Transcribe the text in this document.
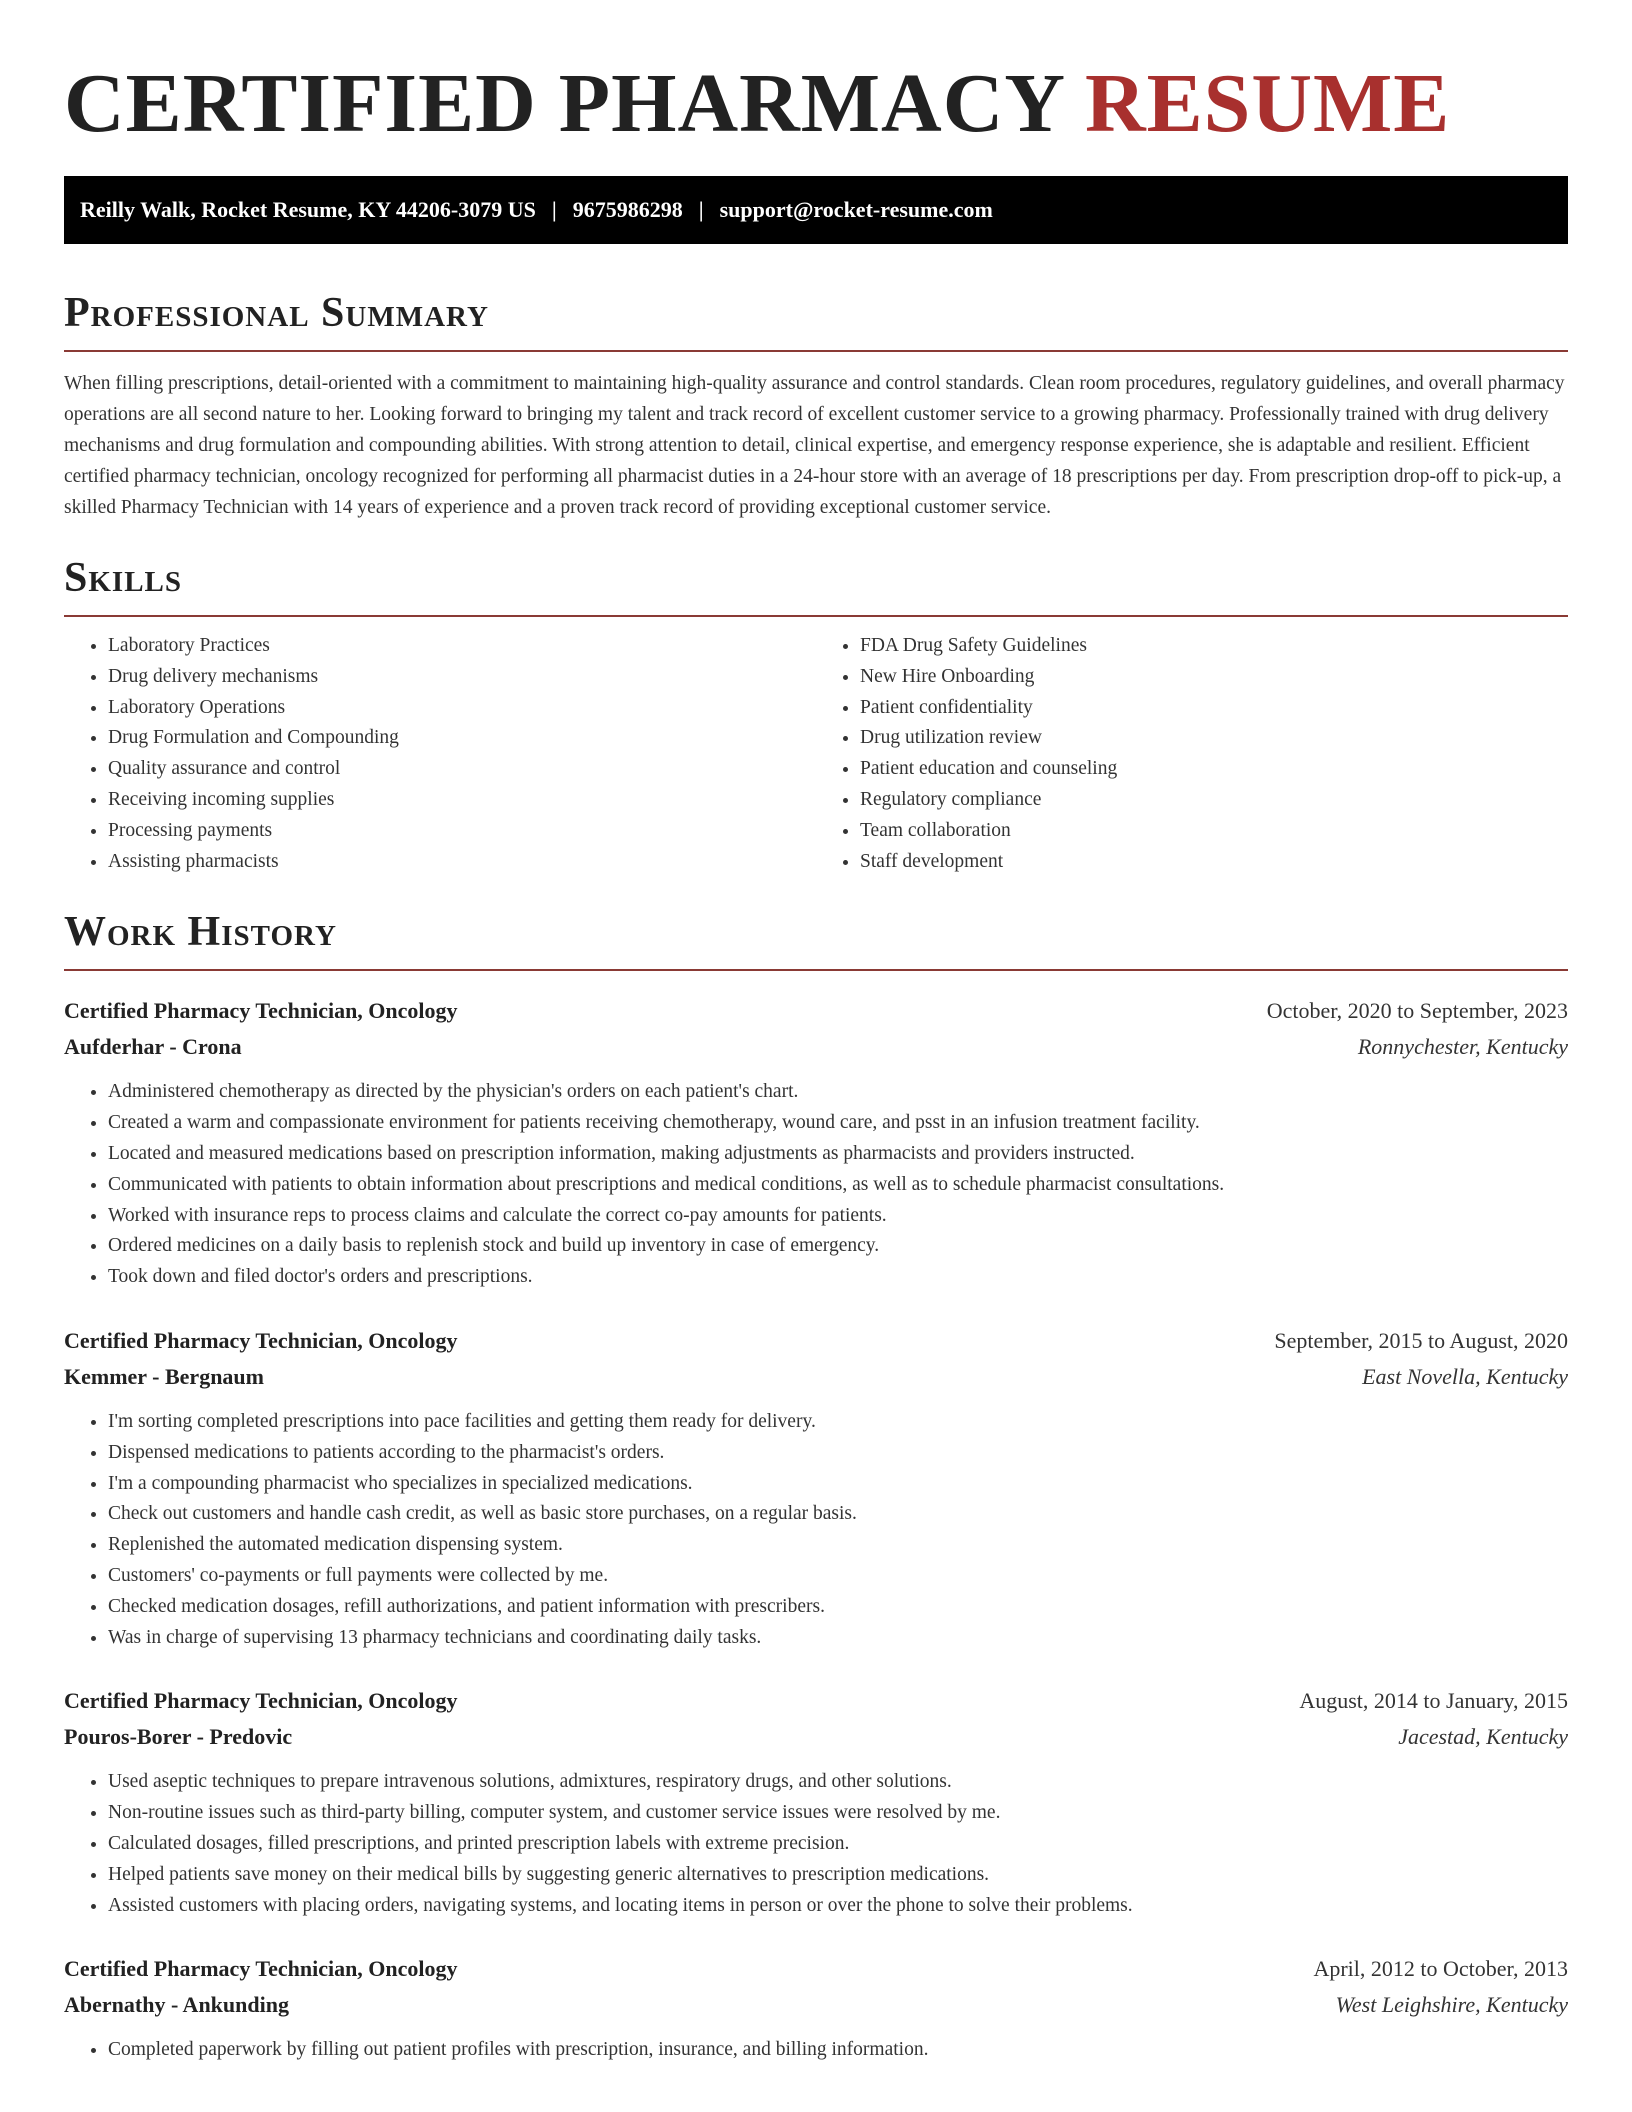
CERTIFIED PHARMACY RESUME
Reilly Walk, Rocket Resume, KY 44206-3079 US | 9675986298 | support@rocket-resume.com
Professional Summary

When filling prescriptions, detail-oriented with a commitment to maintaining high-quality assurance and control standards. Clean room procedures, regulatory guidelines, and overall pharmacy operations are all second nature to her. Looking forward to bringing my talent and track record of excellent customer service to a growing pharmacy. Professionally trained with drug delivery mechanisms and drug formulation and compounding abilities. With strong attention to detail, clinical expertise, and emergency response experience, she is adaptable and resilient. Efficient certified pharmacy technician, oncology recognized for performing all pharmacist duties in a 24-hour store with an average of 18 prescriptions per day. From prescription drop-off to pick-up, a skilled Pharmacy Technician with 14 years of experience and a proven track record of providing exceptional customer service.

Skills
• Laboratory Practices
• Drug delivery mechanisms
• Laboratory Operations
• Drug Formulation and Compounding
• Quality assurance and control
• Receiving incoming supplies
• Processing payments
• Assisting pharmacists
• FDA Drug Safety Guidelines
• New Hire Onboarding
• Patient confidentiality
• Drug utilization review
• Patient education and counseling
• Regulatory compliance
• Team collaboration
• Staff development
Work History
Certified Pharmacy Technician, Oncology	October, 2020 to September, 2023
Aufderhar - Crona	Ronnychester, Kentucky
• Administered chemotherapy as directed by the physician's orders on each patient's chart.
• Created a warm and compassionate environment for patients receiving chemotherapy, wound care, and psst in an infusion treatment facility.
• Located and measured medications based on prescription information, making adjustments as pharmacists and providers instructed.
• Communicated with patients to obtain information about prescriptions and medical conditions, as well as to schedule pharmacist consultations.
• Worked with insurance reps to process claims and calculate the correct co-pay amounts for patients.
• Ordered medicines on a daily basis to replenish stock and build up inventory in case of emergency.
• Took down and filed doctor's orders and prescriptions.
Certified Pharmacy Technician, Oncology	September, 2015 to August, 2020
Kemmer - Bergnaum	East Novella, Kentucky
• I'm sorting completed prescriptions into pace facilities and getting them ready for delivery.
• Dispensed medications to patients according to the pharmacist's orders.
• I'm a compounding pharmacist who specializes in specialized medications.
• Check out customers and handle cash credit, as well as basic store purchases, on a regular basis.
• Replenished the automated medication dispensing system.
• Customers' co-payments or full payments were collected by me.
• Checked medication dosages, refill authorizations, and patient information with prescribers.
• Was in charge of supervising 13 pharmacy technicians and coordinating daily tasks.
Certified Pharmacy Technician, Oncology	August, 2014 to January, 2015
Pouros-Borer - Predovic	Jacestad, Kentucky
• Used aseptic techniques to prepare intravenous solutions, admixtures, respiratory drugs, and other solutions.
• Non-routine issues such as third-party billing, computer system, and customer service issues were resolved by me.
• Calculated dosages, filled prescriptions, and printed prescription labels with extreme precision.
• Helped patients save money on their medical bills by suggesting generic alternatives to prescription medications.
• Assisted customers with placing orders, navigating systems, and locating items in person or over the phone to solve their problems.
Certified Pharmacy Technician, Oncology	April, 2012 to October, 2013
Abernathy - Ankunding	West Leighshire, Kentucky
• Completed paperwork by filling out patient profiles with prescription, insurance, and billing information.
